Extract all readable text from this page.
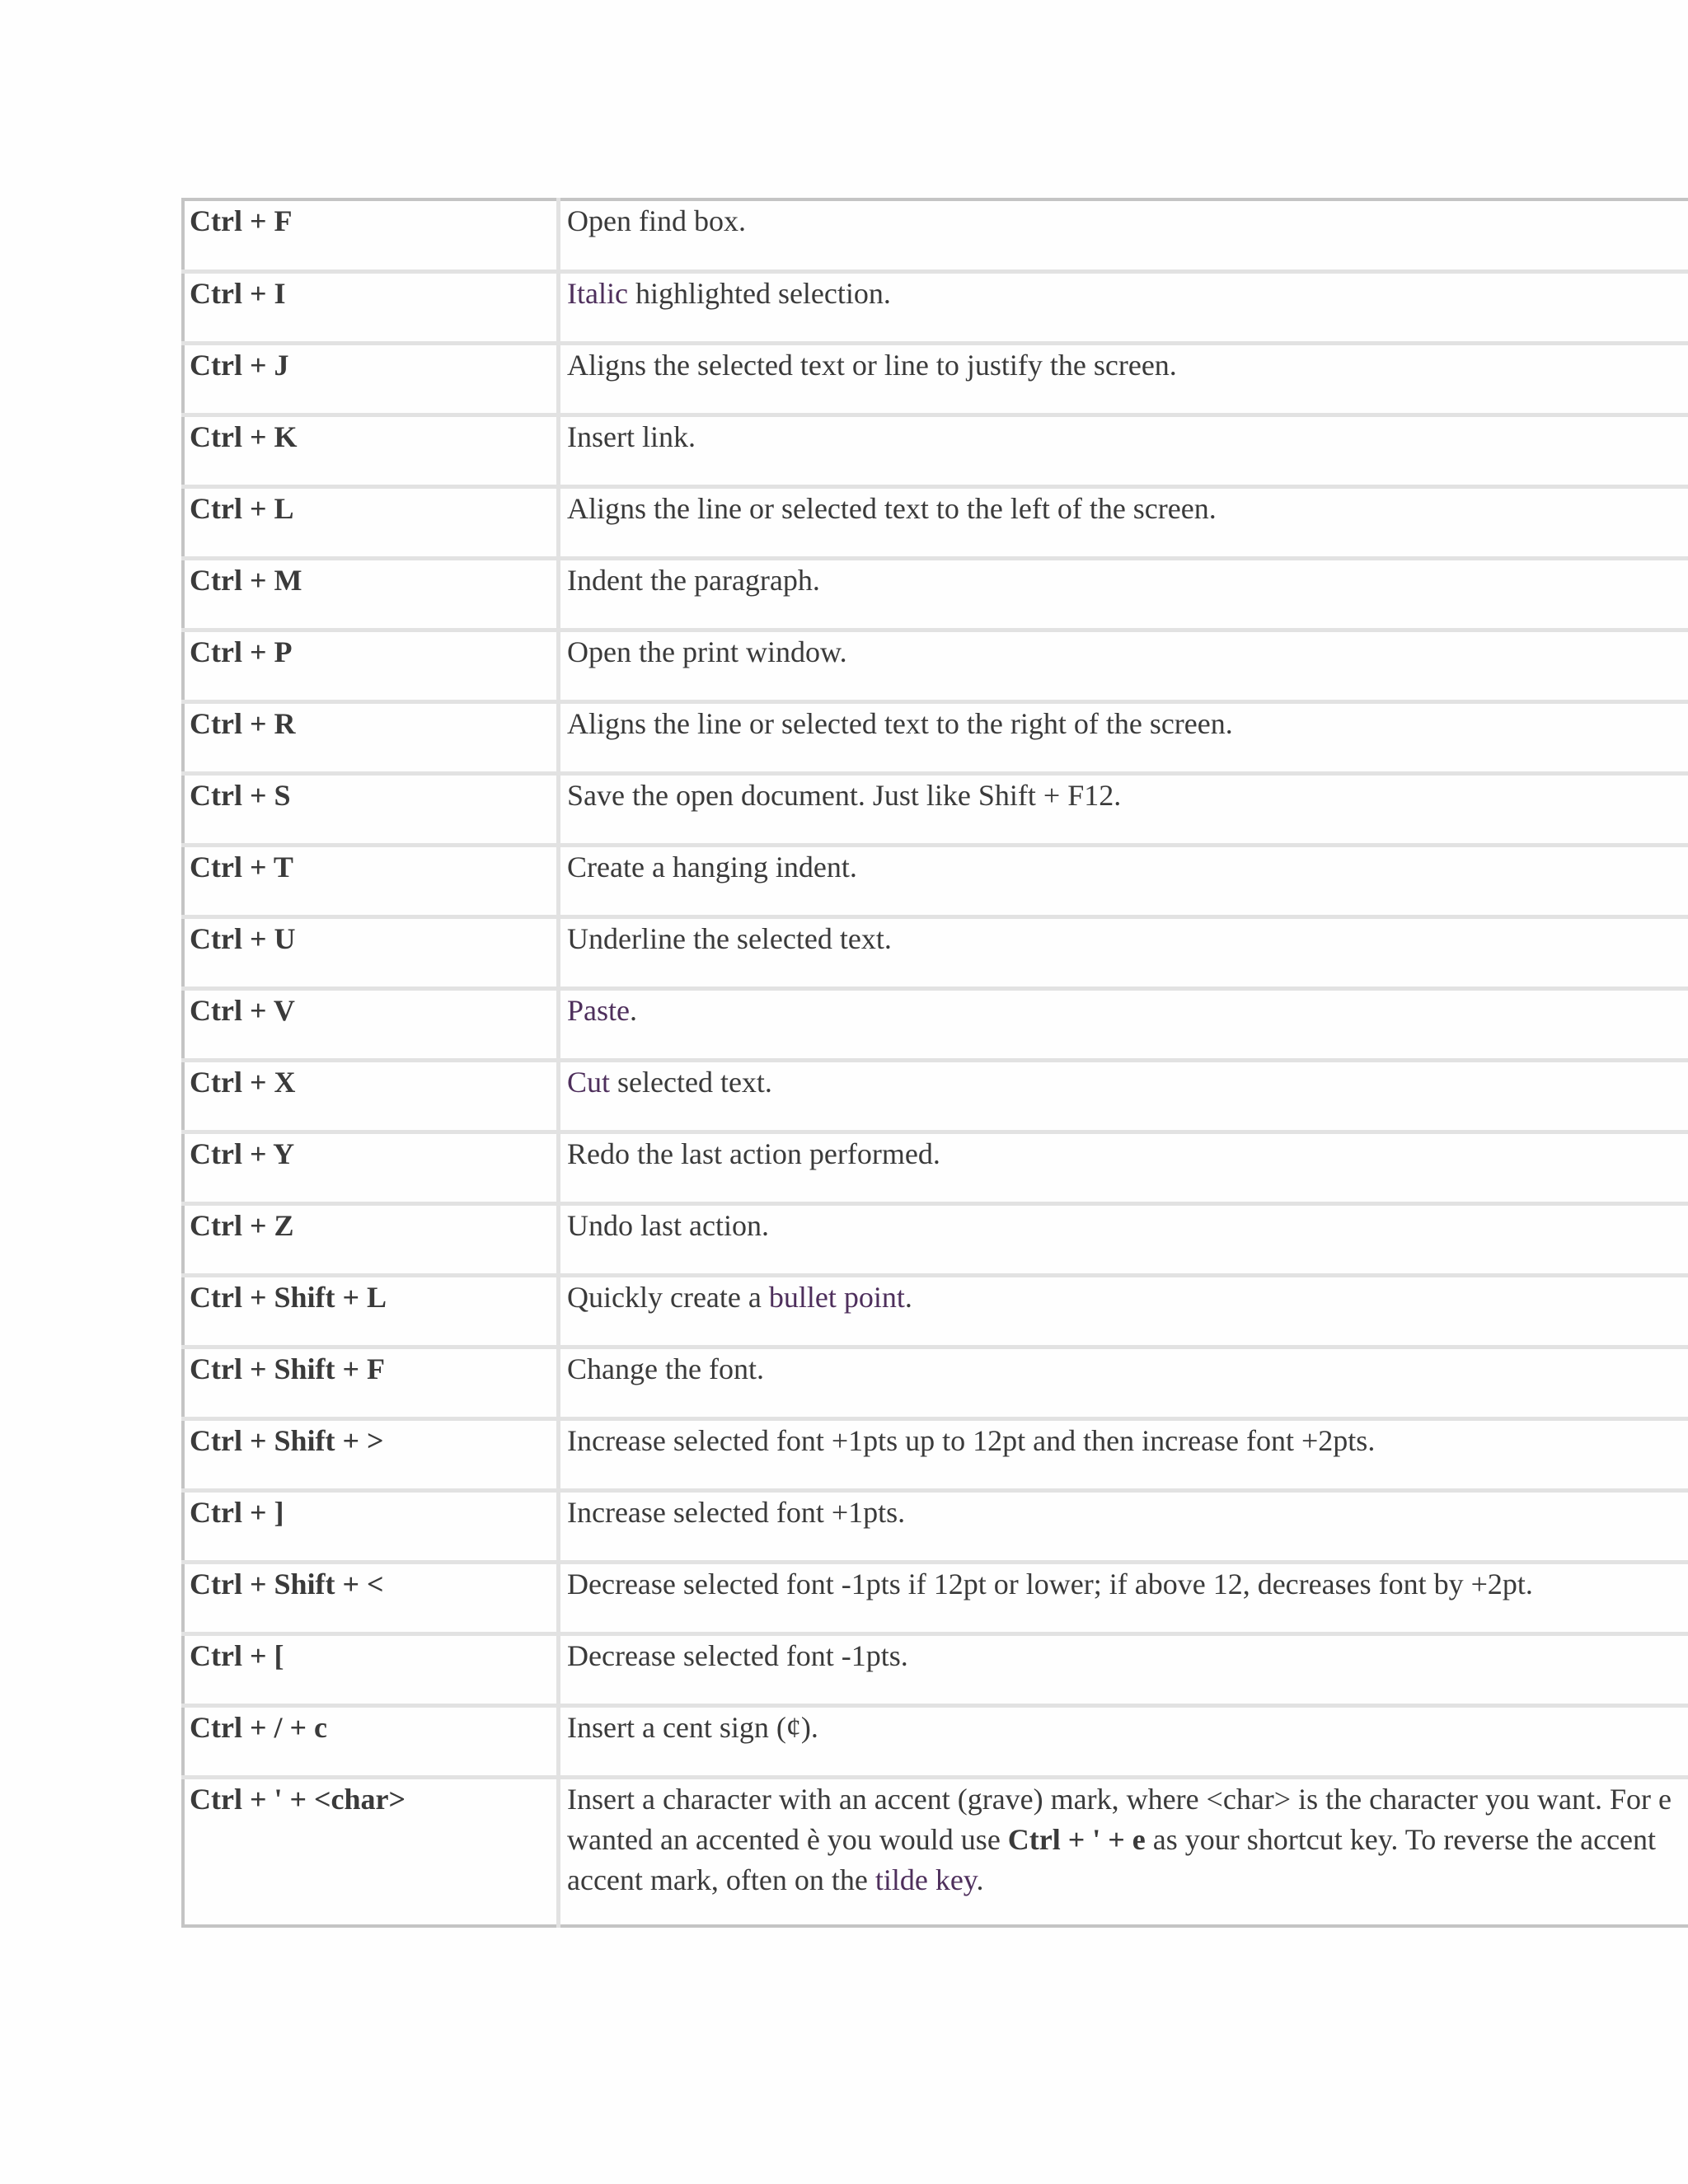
Ctrl + F	Open find box.
Ctrl + I	Italic highlighted selection.
Ctrl + J	Aligns the selected text or line to justify the screen.
Ctrl + K	Insert link.
Ctrl + L	Aligns the line or selected text to the left of the screen.
Ctrl + M	Indent the paragraph.
Ctrl + P	Open the print window.
Ctrl + R	Aligns the line or selected text to the right of the screen.
Ctrl + S	Save the open document. Just like Shift + F12.
Ctrl + T	Create a hanging indent.
Ctrl + U	Underline the selected text.
Ctrl + V	Paste.
Ctrl + X	Cut selected text.
Ctrl + Y	Redo the last action performed.
Ctrl + Z	Undo last action.
Ctrl + Shift + L	Quickly create a bullet point.
Ctrl + Shift + F	Change the font.
Ctrl + Shift + >	Increase selected font +1pts up to 12pt and then increase font +2pts.
Ctrl + ]	Increase selected font +1pts.
Ctrl + Shift + <	Decrease selected font -1pts if 12pt or lower; if above 12, decreases font by +2pt.
Ctrl + [	Decrease selected font -1pts.
Ctrl + / + c	Insert a cent sign (¢).
Ctrl + ' + <char>	Insert a character with an accent (grave) mark, where <char> is the character you want. For e
wanted an accented è you would use Ctrl + ' + e as your shortcut key. To reverse the accent
accent mark, often on the tilde key.
